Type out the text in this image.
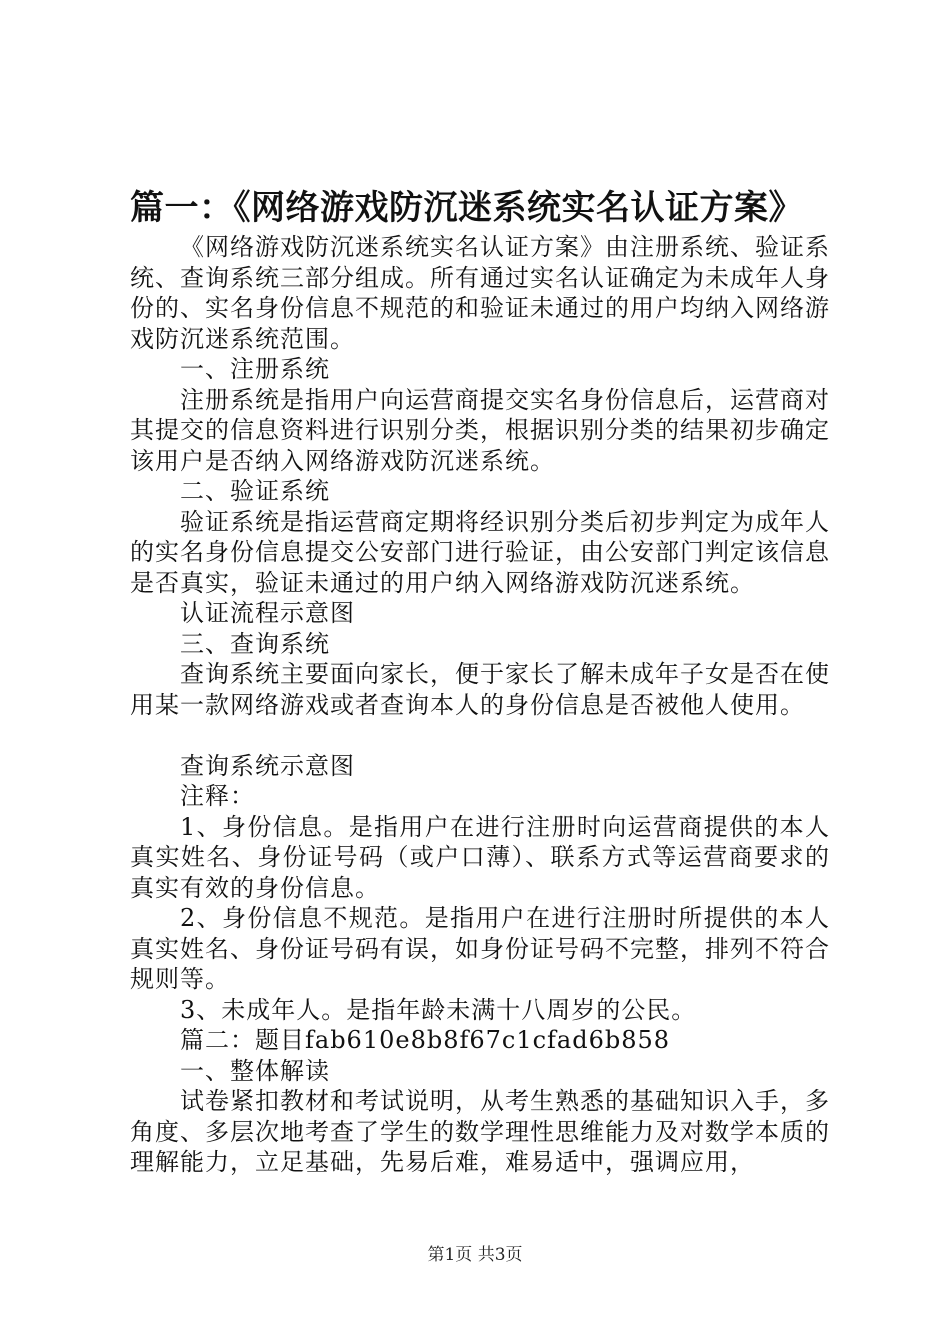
篇一：《网络游戏防沉迷系统实名认证方案》

《网络游戏防沉迷系统实名认证方案》由注册系统、验证系统、查询系统三部分组成。所有通过实名认证确定为未成年人身份的、实名身份信息不规范的和验证未通过的用户均纳入网络游戏防沉迷系统范围。

一、注册系统

注册系统是指用户向运营商提交实名身份信息后，运营商对其提交的信息资料进行识别分类，根据识别分类的结果初步确定该用户是否纳入网络游戏防沉迷系统。

二、验证系统

验证系统是指运营商定期将经识别分类后初步判定为成年人的实名身份信息提交公安部门进行验证，由公安部门判定该信息是否真实，验证未通过的用户纳入网络游戏防沉迷系统。

认证流程示意图

三、查询系统

查询系统主要面向家长，便于家长了解未成年子女是否在使用某一款网络游戏或者查询本人的身份信息是否被他人使用。

查询系统示意图

注释：

1、身份信息。是指用户在进行注册时向运营商提供的本人真实姓名、身份证号码（或户口薄）、联系方式等运营商要求的真实有效的身份信息。

2、身份信息不规范。是指用户在进行注册时所提供的本人真实姓名、身份证号码有误，如身份证号码不完整，排列不符合规则等。

3、未成年人。是指年龄未满十八周岁的公民。

篇二：题目fab610e8b8f67c1cfad6b858

一、整体解读

试卷紧扣教材和考试说明，从考生熟悉的基础知识入手，多角度、多层次地考查了学生的数学理性思维能力及对数学本质的理解能力，立足基础，先易后难，难易适中，强调应用，

第1页 共3页
